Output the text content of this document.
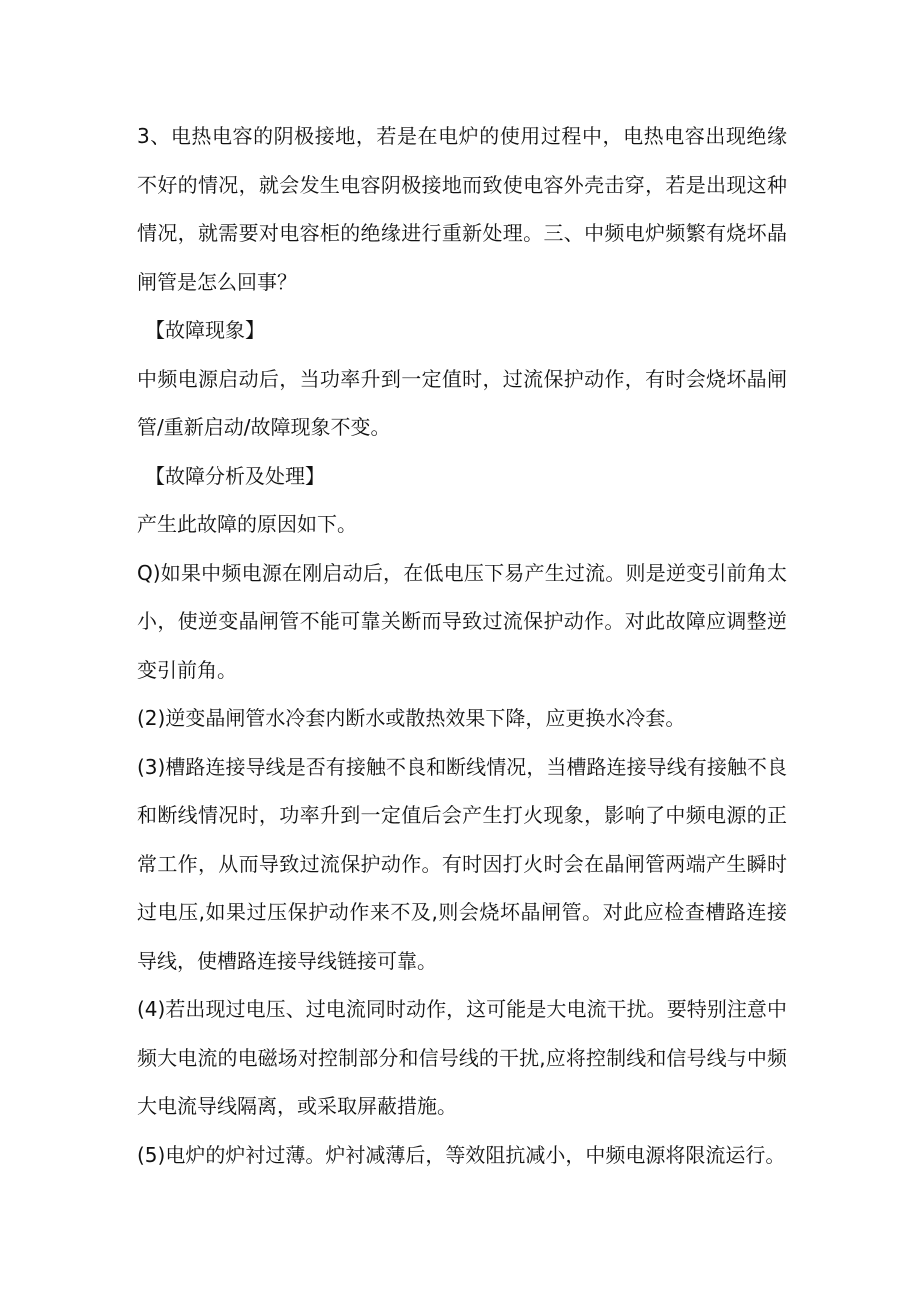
3、电热电容的阴极接地，若是在电炉的使用过程中，电热电容出现绝缘不好的情况，就会发生电容阴极接地而致使电容外壳击穿，若是出现这种情况，就需要对电容柜的绝缘进行重新处理。三、中频电炉频繁有烧坏晶闸管是怎么回事？

【故障现象】

中频电源启动后，当功率升到一定值时，过流保护动作，有时会烧坏晶闸管/重新启动/故障现象不变。

【故障分析及处理】

产生此故障的原因如下。

Q)如果中频电源在刚启动后，在低电压下易产生过流。则是逆变引前角太小，使逆变晶闸管不能可靠关断而导致过流保护动作。对此故障应调整逆变引前角。

(2)逆变晶闸管水冷套内断水或散热效果下降，应更换水冷套。

(3)槽路连接导线是否有接触不良和断线情况，当槽路连接导线有接触不良和断线情况时，功率升到一定值后会产生打火现象，影响了中频电源的正常工作，从而导致过流保护动作。有时因打火时会在晶闸管两端产生瞬时过电压,如果过压保护动作来不及,则会烧坏晶闸管。对此应检查槽路连接导线，使槽路连接导线链接可靠。

(4)若出现过电压、过电流同时动作，这可能是大电流干扰。要特别注意中频大电流的电磁场对控制部分和信号线的干扰,应将控制线和信号线与中频大电流导线隔离，或采取屏蔽措施。

(5)电炉的炉衬过薄。炉衬减薄后，等效阻抗减小，中频电源将限流运行。
